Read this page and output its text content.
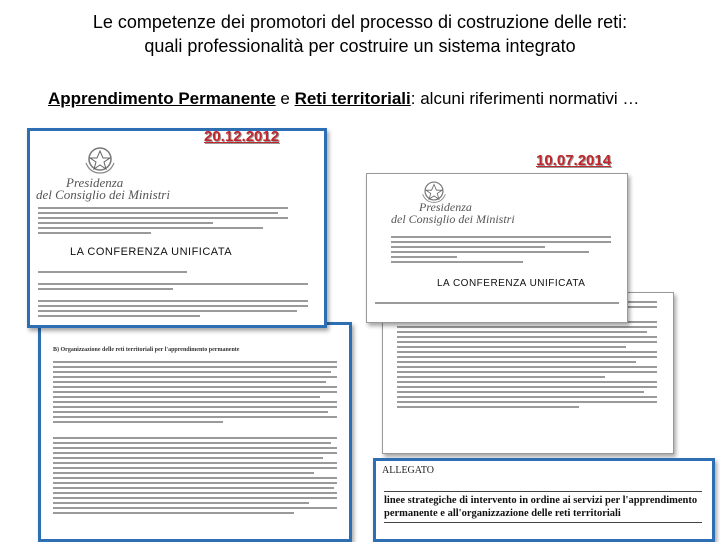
Le competenze dei promotori del processo di costruzione delle reti:
quali professionalità per costruire un sistema integrato
Apprendimento Permanente e Reti territoriali: alcuni riferimenti normativi …
B) Organizzazione delle reti territoriali per l'apprendimento permanente
Presidenza
del Consiglio dei Ministri
LA CONFERENZA UNIFICATA
20.12.2012
Presidenza
del Consiglio dei Ministri
LA CONFERENZA UNIFICATA
10.07.2014
ALLEGATO
linee strategiche di intervento in ordine ai servizi per l'apprendimento permanente e all'organizzazione delle reti territoriali
